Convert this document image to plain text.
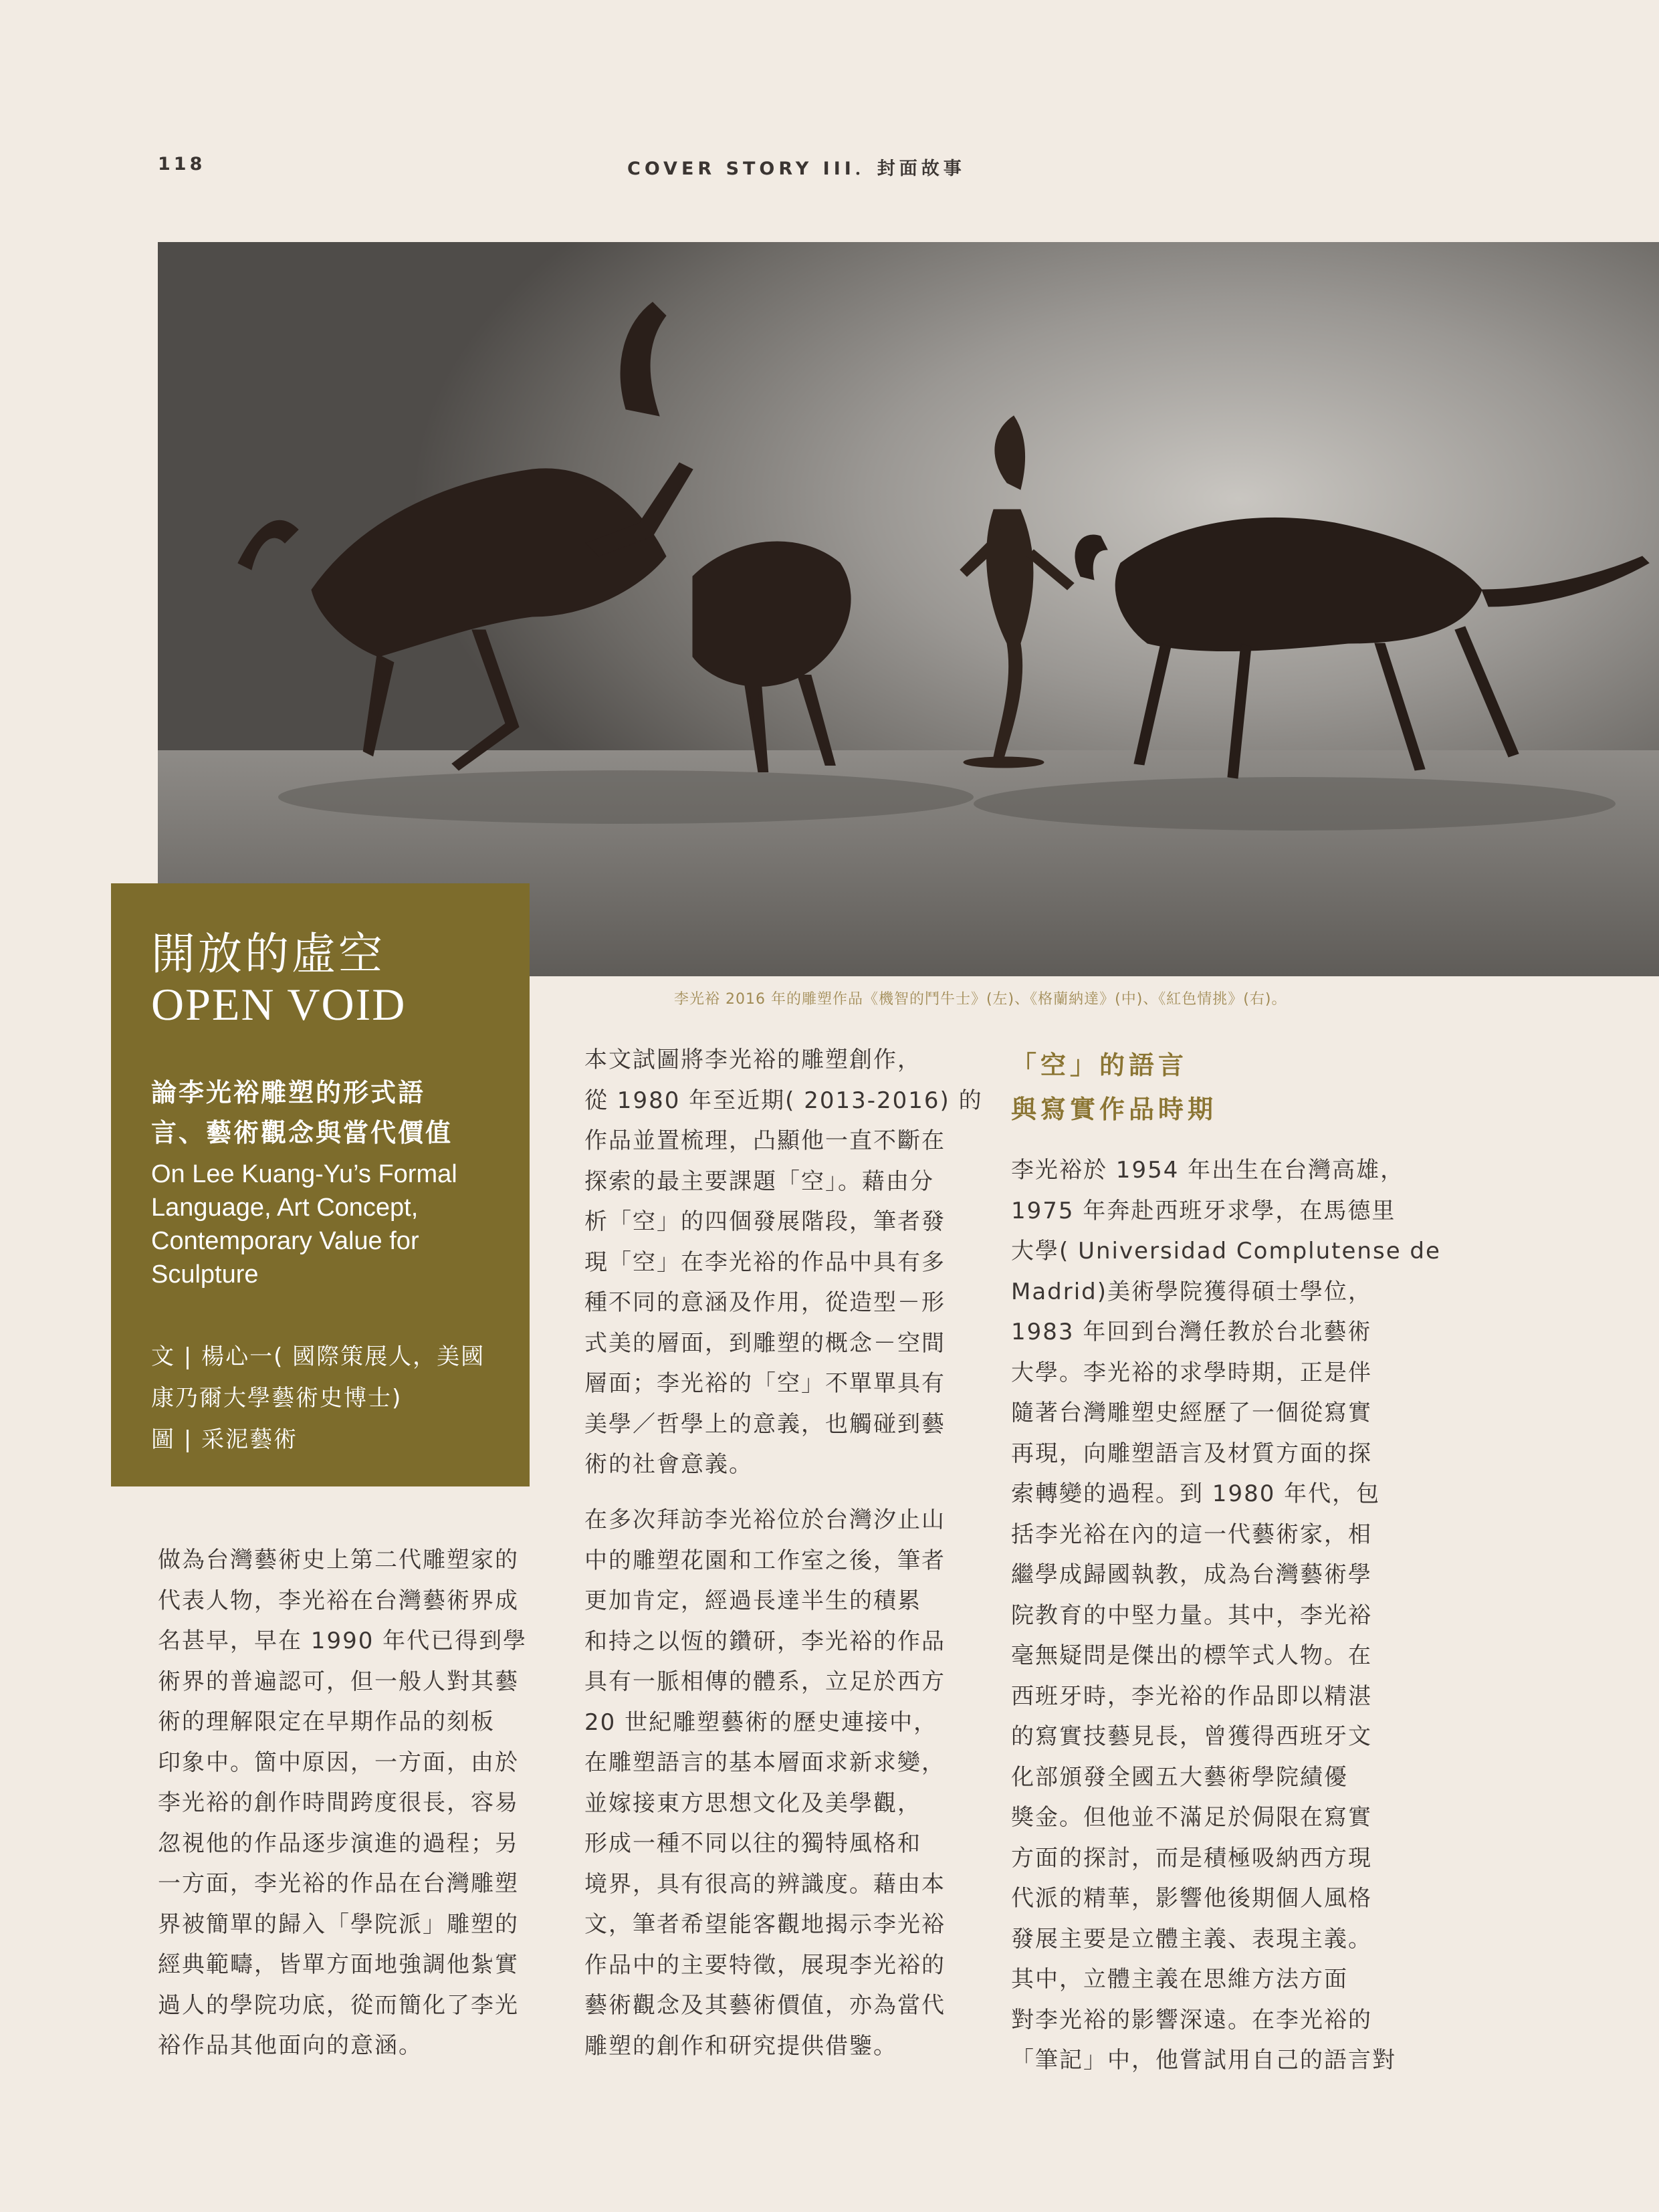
118	COVER STORY III．封面故事
李光裕 2016 年的雕塑作品《機智的鬥牛士》(左)、《格蘭納達》(中)、《紅色情挑》(右)。
開放的虛空
OPEN VOID
論李光裕雕塑的形式語
言、藝術觀念與當代價值
On Lee Kuang-Yu’s Formal
Language, Art Concept,
Contemporary Value for
Sculpture
文 | 楊心一( 國際策展人，美國
康乃爾大學藝術史博士)
圖 | 采泥藝術
做為台灣藝術史上第二代雕塑家的
代表人物，李光裕在台灣藝術界成
名甚早，早在 1990 年代已得到學
術界的普遍認可，但一般人對其藝
術的理解限定在早期作品的刻板
印象中。箇中原因，一方面，由於
李光裕的創作時間跨度很長，容易
忽視他的作品逐步演進的過程；另
一方面，李光裕的作品在台灣雕塑
界被簡單的歸入「學院派」雕塑的
經典範疇，皆單方面地強調他紮實
過人的學院功底，從而簡化了李光
裕作品其他面向的意涵。
本文試圖將李光裕的雕塑創作，
從 1980 年至近期( 2013-2016) 的
作品並置梳理，凸顯他一直不斷在
探索的最主要課題「空」。藉由分
析「空」的四個發展階段，筆者發
現「空」在李光裕的作品中具有多
種不同的意涵及作用，從造型－形
式美的層面，到雕塑的概念－空間
層面；李光裕的「空」不單單具有
美學／哲學上的意義，也觸碰到藝
術的社會意義。
在多次拜訪李光裕位於台灣汐止山
中的雕塑花園和工作室之後，筆者
更加肯定，經過長達半生的積累
和持之以恆的鑽研，李光裕的作品
具有一脈相傳的體系，立足於西方
20 世紀雕塑藝術的歷史連接中，
在雕塑語言的基本層面求新求變，
並嫁接東方思想文化及美學觀，
形成一種不同以往的獨特風格和
境界，具有很高的辨識度。藉由本
文，筆者希望能客觀地揭示李光裕
作品中的主要特徵，展現李光裕的
藝術觀念及其藝術價值，亦為當代
雕塑的創作和研究提供借鑒。
「空」的語言
與寫實作品時期
李光裕於 1954 年出生在台灣高雄，
1975 年奔赴西班牙求學，在馬德里
大學( Universidad Complutense de
Madrid)美術學院獲得碩士學位，
1983 年回到台灣任教於台北藝術
大學。李光裕的求學時期，正是伴
隨著台灣雕塑史經歷了一個從寫實
再現，向雕塑語言及材質方面的探
索轉變的過程。到 1980 年代，包
括李光裕在內的這一代藝術家，相
繼學成歸國執教，成為台灣藝術學
院教育的中堅力量。其中，李光裕
毫無疑問是傑出的標竿式人物。在
西班牙時，李光裕的作品即以精湛
的寫實技藝見長，曾獲得西班牙文
化部頒發全國五大藝術學院績優
獎金。但他並不滿足於侷限在寫實
方面的探討，而是積極吸納西方現
代派的精華，影響他後期個人風格
發展主要是立體主義、表現主義。
其中，立體主義在思維方法方面
對李光裕的影響深遠。在李光裕的
「筆記」中，他嘗試用自己的語言對
